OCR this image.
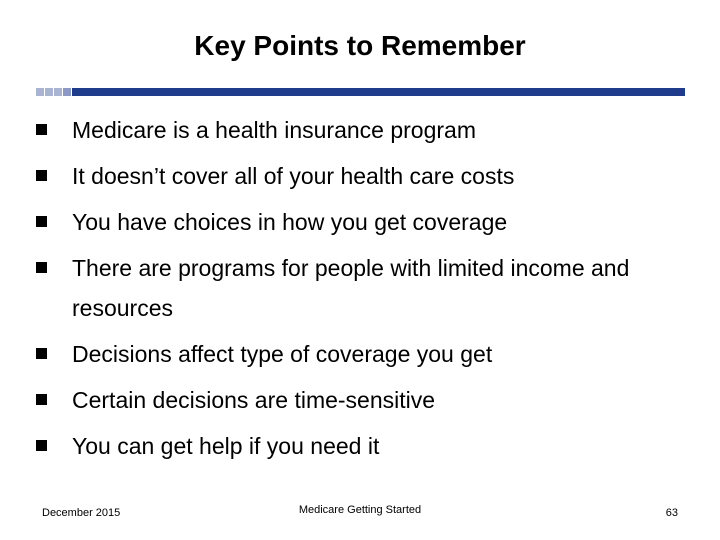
Key Points to Remember
Medicare is a health insurance program
It doesn’t cover all of your health care costs
You have choices in how you get coverage
There are programs for people with limited income and resources
Decisions affect type of coverage you get
Certain decisions are time-sensitive
You can get help if you need it
December 2015	Medicare Getting Started	63
